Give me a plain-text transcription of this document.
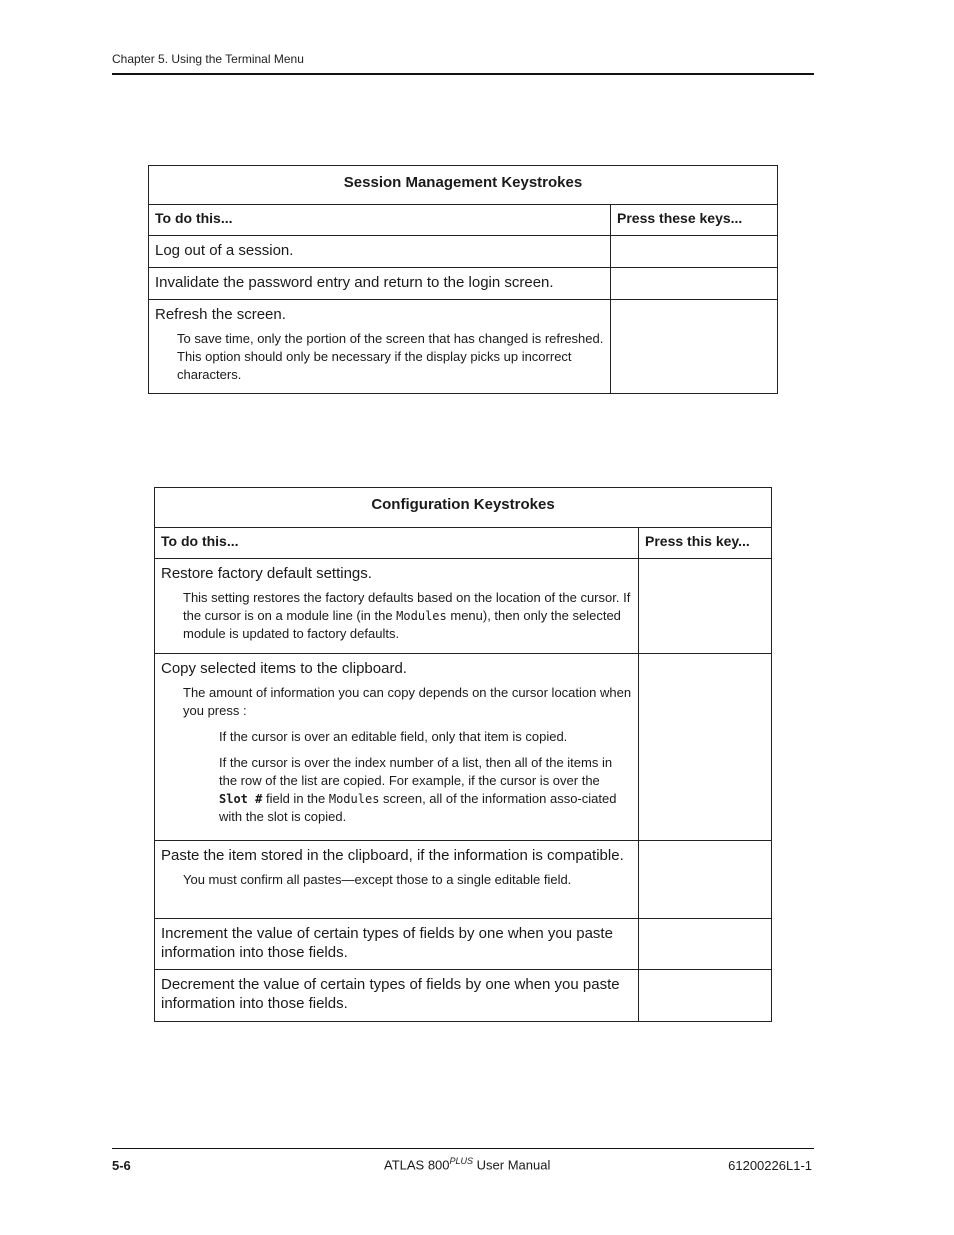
Chapter 5. Using the Terminal Menu
Session Management Keystrokes	
To do this...	Press these keys...
Log out of a session.	
Invalidate the password entry and return to the login screen.	

Refresh the screen.
To save time, only the portion of the screen that has changed is refreshed. This option should only be necessary if the display picks up incorrect characters.	

Configuration Keystrokes	
To do this...	Press this key...

Restore factory default settings.
This setting restores the factory defaults based on the location of the cursor. If the cursor is on a module line (in the Modules menu), then only the selected module is updated to factory defaults.	

Copy selected items to the clipboard.
The amount of information you can copy depends on the cursor location when you press :
If the cursor is over an editable field, only that item is copied.
If the cursor is over the index number of a list, then all of the items in the row of the list are copied. For example, if the cursor is over the Slot # field in the Modules screen, all of the information asso-ciated with the slot is copied.	

Paste the item stored in the clipboard, if the information is compatible.
You must confirm all pastes—except those to a single editable field.	

Increment the value of certain types of fields by one when you paste information into those fields.	
Decrement the value of certain types of fields by one when you paste information into those fields.	
5-6	ATLAS $800^{PLUS}$ User Manual	61200226L1-1
